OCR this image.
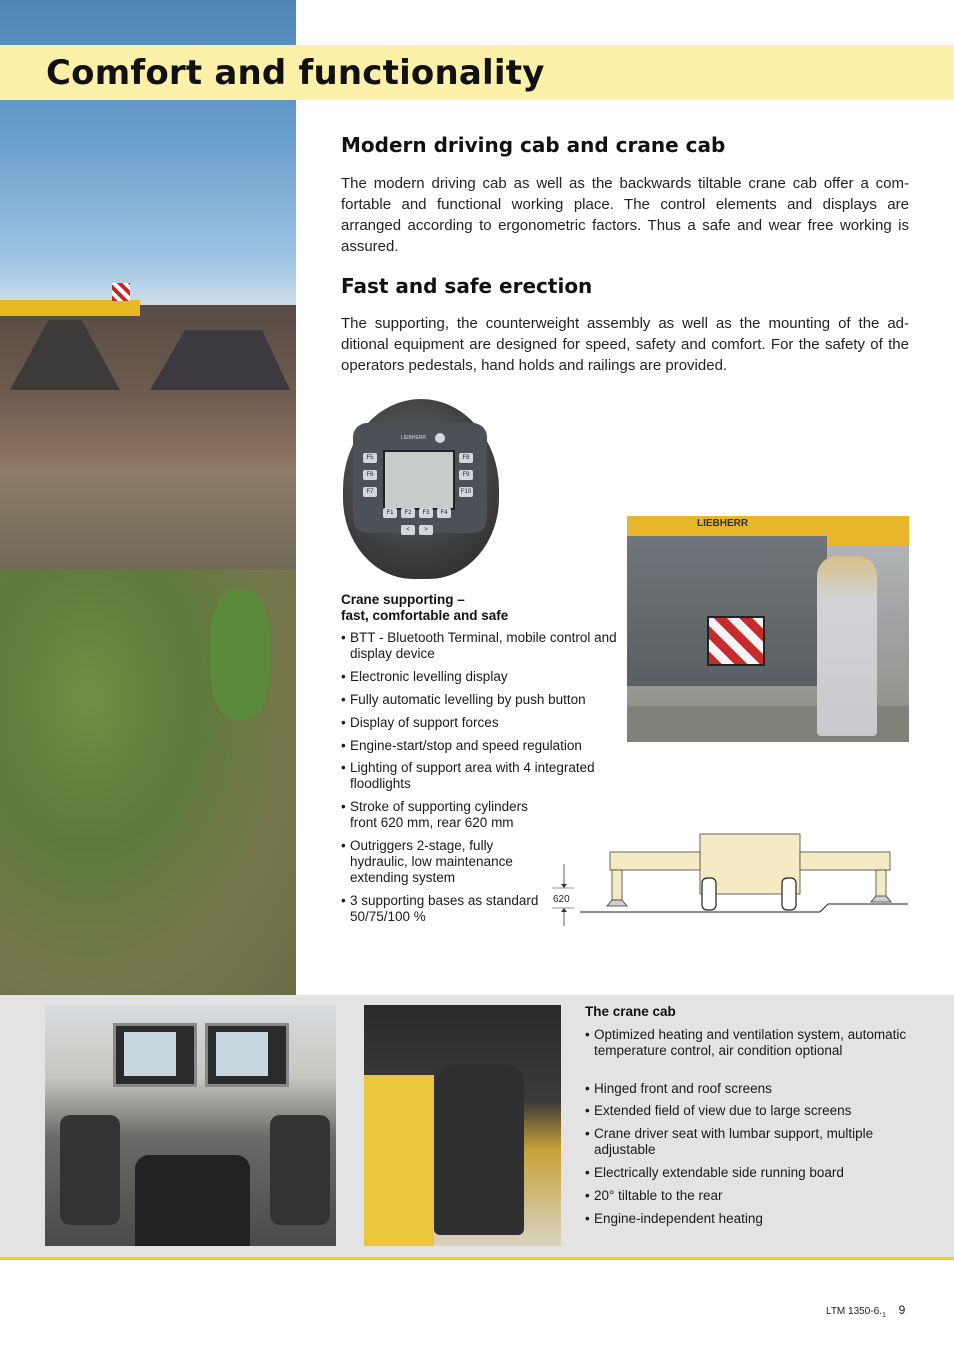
Comfort and functionality
Modern driving cab and crane cab

The modern driving cab as well as the backwards tiltable crane cab offer a com-fortable and functional working place. The control elements and displays are arranged according to ergonometric factors. Thus a safe and wear free working is assured.

Fast and safe erection

The supporting, the counterweight assembly as well as the mounting of the ad-ditional equipment are designed for speed, safety and comfort. For the safety of the operators pedestals, hand holds and railings are provided.

LIEBHERR
F5
F6
F7
F8
F9
F10
F1	F2	F3	F4
<	>
Crane supporting –
fast, comfortable and safe
• BTT - Bluetooth Terminal, mobile control and display device
• Electronic levelling display
• Fully automatic levelling by push button
• Display of support forces
• Engine-start/stop and speed regulation
• Lighting of support area with 4 integrated floodlights
• Stroke of supporting cylinders front 620 mm, rear 620 mm
• Outriggers 2-stage, fully hydraulic, low maintenance extending system
• 3 supporting bases as standard 50/75/100 %
LIEBHERR
620
The crane cab
• Optimized heating and ventilation system, automatic temperature control, air condition optional
• Hinged front and roof screens
• Extended field of view due to large screens
• Crane driver seat with lumbar support, multiple adjustable
• Electrically extendable side running board
• 20° tiltable to the rear
• Engine-independent heating
LTM $1350-6._1$ 9
